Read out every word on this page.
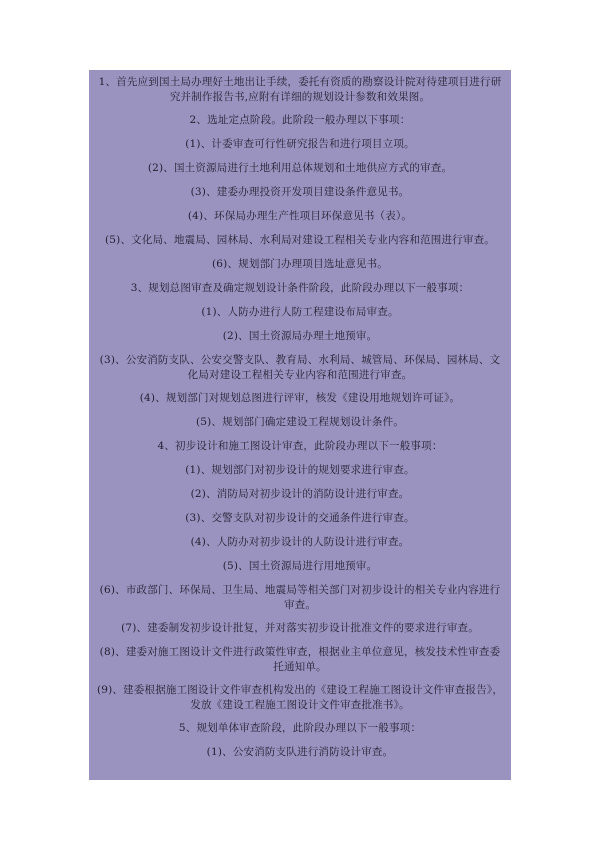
1、首先应到国土局办理好土地出让手续，委托有资质的勘察设计院对待建项目进行研究并制作报告书,应附有详细的规划设计参数和效果图。

2、选址定点阶段。此阶段一般办理以下事项：

(1)、计委审查可行性研究报告和进行项目立项。

(2)、国土资源局进行土地利用总体规划和土地供应方式的审查。

(3)、建委办理投资开发项目建设条件意见书。

(4)、环保局办理生产性项目环保意见书（表）。

(5)、文化局、地震局、园林局、水利局对建设工程相关专业内容和范围进行审查。

(6)、规划部门办理项目选址意见书。

3、规划总图审查及确定规划设计条件阶段，此阶段办理以下一般事项：

(1)、人防办进行人防工程建设布局审查。

(2)、国土资源局办理土地预审。

(3)、公安消防支队、公安交警支队、教育局、水利局、城管局、环保局、园林局、文化局对建设工程相关专业内容和范围进行审查。

(4)、规划部门对规划总图进行评审，核发《建设用地规划许可证》。

(5)、规划部门确定建设工程规划设计条件。

4、初步设计和施工图设计审查，此阶段办理以下一般事项：

(1)、规划部门对初步设计的规划要求进行审查。

(2)、消防局对初步设计的消防设计进行审查。

(3)、交警支队对初步设计的交通条件进行审查。

(4)、人防办对初步设计的人防设计进行审查。

(5)、国土资源局进行用地预审。

(6)、市政部门、环保局、卫生局、地震局等相关部门对初步设计的相关专业内容进行审查。

(7)、建委制发初步设计批复，并对落实初步设计批准文件的要求进行审查。

(8)、建委对施工图设计文件进行政策性审查，根据业主单位意见，核发技术性审查委托通知单。

(9)、建委根据施工图设计文件审查机构发出的《建设工程施工图设计文件审查报告》，发放《建设工程施工图设计文件审查批准书》。

5、规划单体审查阶段，此阶段办理以下一般事项：

(1)、公安消防支队进行消防设计审查。
